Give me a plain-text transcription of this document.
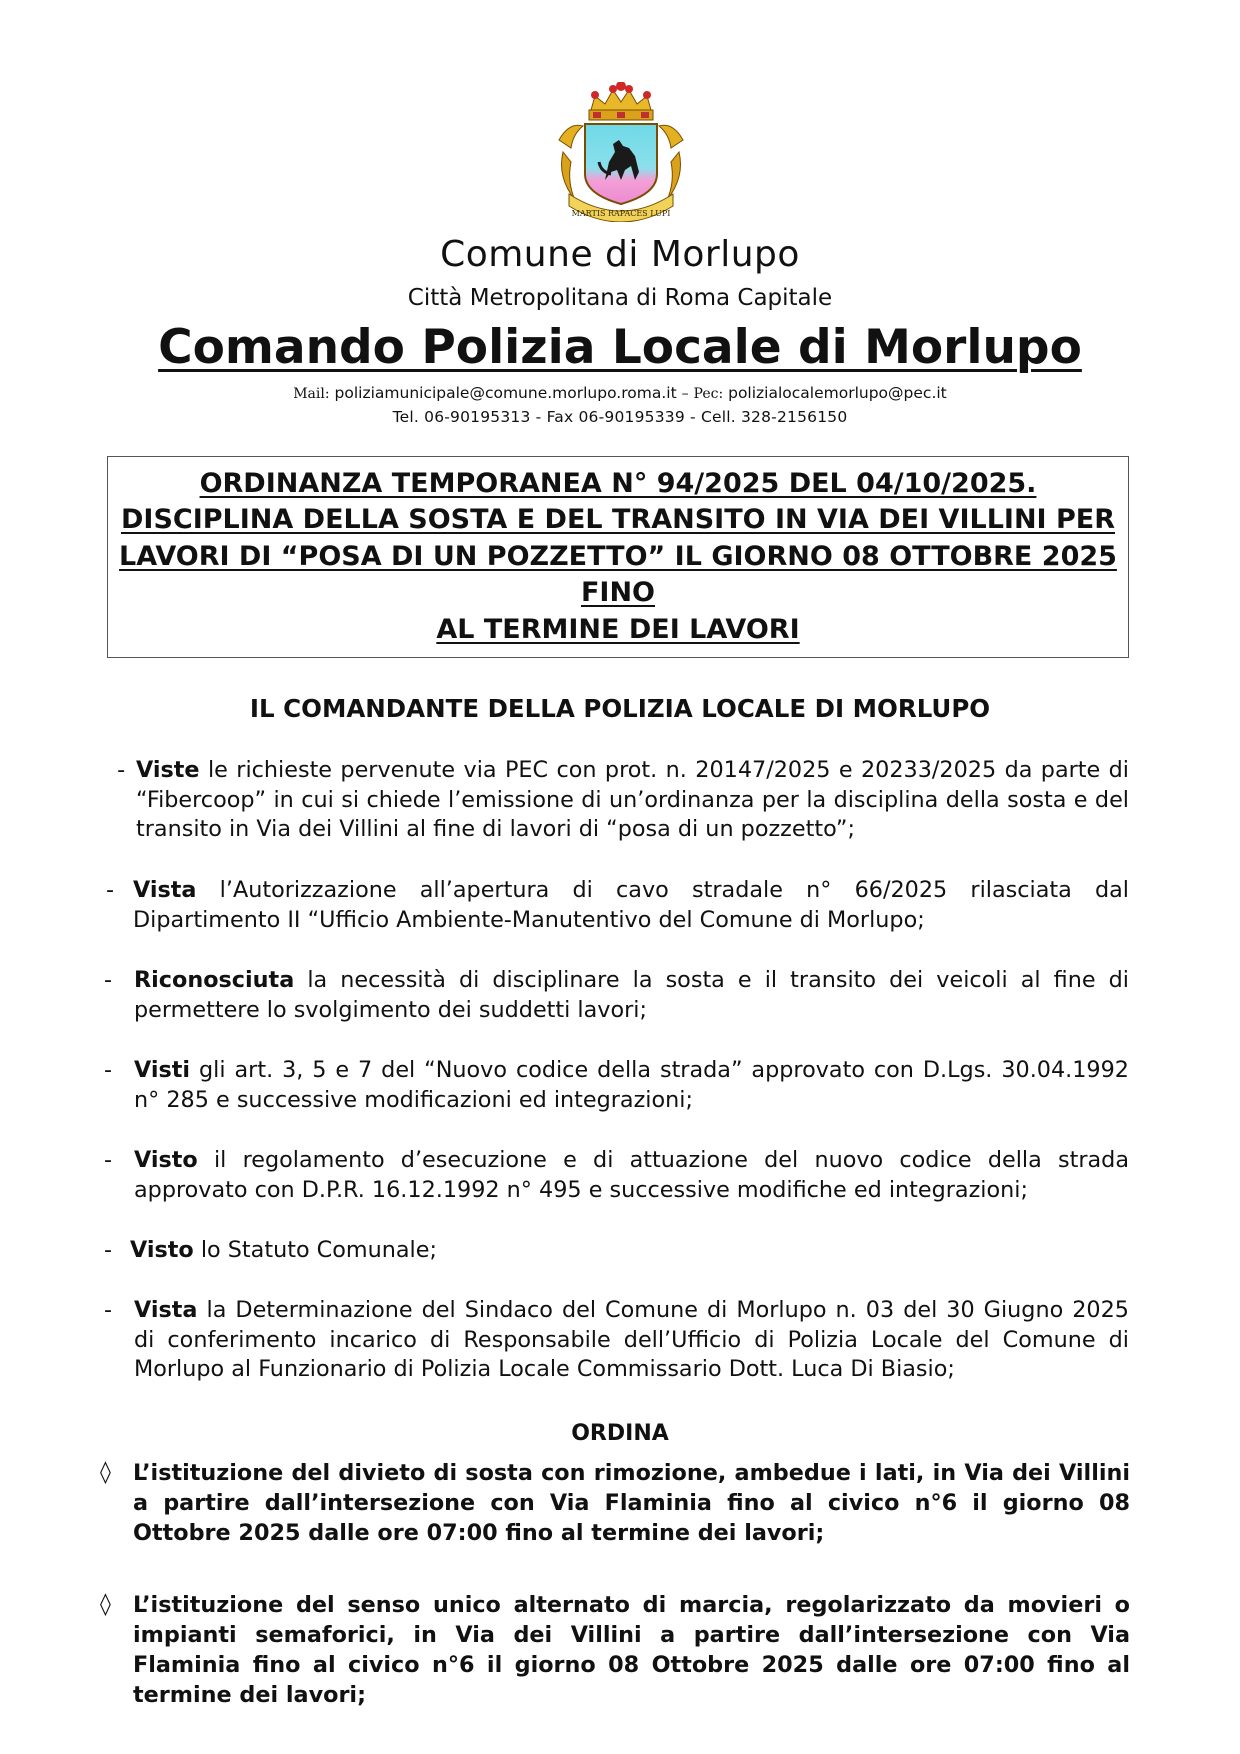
MARTIS RAPACES LUPI
Comune di Morlupo
Città Metropolitana di Roma Capitale
Comando Polizia Locale di Morlupo
Mail: poliziamunicipale@comune.morlupo.roma.it – Pec: polizialocalemorlupo@pec.it
Tel. 06-90195313 - Fax 06-90195339 - Cell. 328-2156150
ORDINANZA TEMPORANEA N° 94/2025 DEL 04/10/2025.
DISCIPLINA DELLA SOSTA E DEL TRANSITO IN VIA DEI VILLINI PER
LAVORI DI “POSA DI UN POZZETTO” IL GIORNO 08 OTTOBRE 2025 FINO
AL TERMINE DEI LAVORI
IL COMANDANTE DELLA POLIZIA LOCALE DI MORLUPO
- Viste le richieste pervenute via PEC con prot. n. 20147/2025 e 20233/2025 da parte di “Fibercoop” in cui si chiede l’emissione di un’ordinanza per la disciplina della sosta e del transito in Via dei Villini al fine di lavori di “posa di un pozzetto”;
- Vista l’Autorizzazione all’apertura di cavo stradale n° 66/2025 rilasciata dal Dipartimento II “Ufficio Ambiente-Manutentivo del Comune di Morlupo;
- Riconosciuta la necessità di disciplinare la sosta e il transito dei veicoli al fine di permettere lo svolgimento dei suddetti lavori;
- Visti gli art. 3, 5 e 7 del “Nuovo codice della strada” approvato con D.Lgs. 30.04.1992 n° 285 e successive modificazioni ed integrazioni;
- Visto il regolamento d’esecuzione e di attuazione del nuovo codice della strada approvato con D.P.R. 16.12.1992 n° 495 e successive modifiche ed integrazioni;
- Visto lo Statuto Comunale;
- Vista la Determinazione del Sindaco del Comune di Morlupo n. 03 del 30 Giugno 2025 di conferimento incarico di Responsabile dell’Ufficio di Polizia Locale del Comune di Morlupo al Funzionario di Polizia Locale Commissario Dott. Luca Di Biasio;
ORDINA
◊ L’istituzione del divieto di sosta con rimozione, ambedue i lati, in Via dei Villini a partire dall’intersezione con Via Flaminia fino al civico n°6 il giorno 08 Ottobre 2025 dalle ore 07:00 fino al termine dei lavori;
◊ L’istituzione del senso unico alternato di marcia, regolarizzato da movieri o impianti semaforici, in Via dei Villini a partire dall’intersezione con Via Flaminia fino al civico n°6 il giorno 08 Ottobre 2025 dalle ore 07:00 fino al termine dei lavori;
